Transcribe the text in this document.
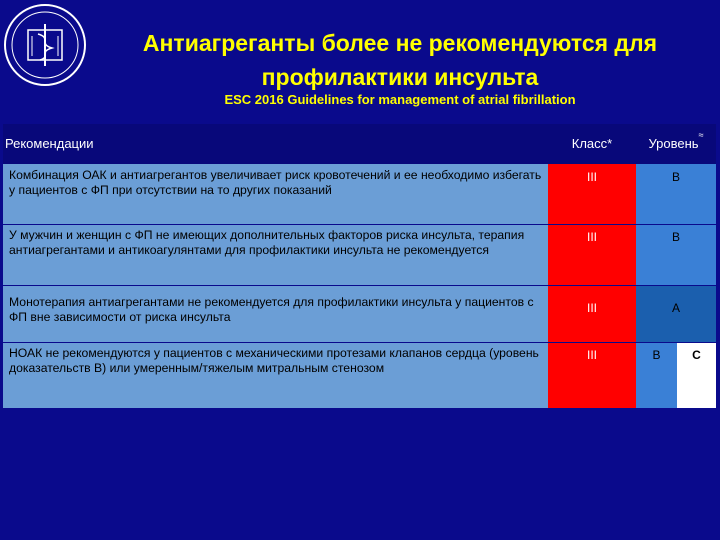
Антиагреганты более не рекомендуются для
профилактики инсульта
ESC 2016 Guidelines for management of atrial fibrillation
Рекомендации	Класс*	Уровень≈
Комбинация ОАК и антиагрегантов увеличивает риск кровотечений и ее необходимо избегать у пациентов с ФП при отсутствии на то других показаний
III	B
У мужчин и женщин с ФП не имеющих дополнительных факторов риска инсульта, терапия антиагрегантами и антикоагулянтами для профилактики инсульта не рекомендуется
III	B
Монотерапия антиагрегантами не рекомендуется для профилактики инсульта у пациентов с ФП вне зависимости от риска инсульта
III	A
НОАК не рекомендуются у пациентов с механическими протезами клапанов сердца (уровень доказательств В) или умеренным/тяжелым митральным стенозом
III	B	C
